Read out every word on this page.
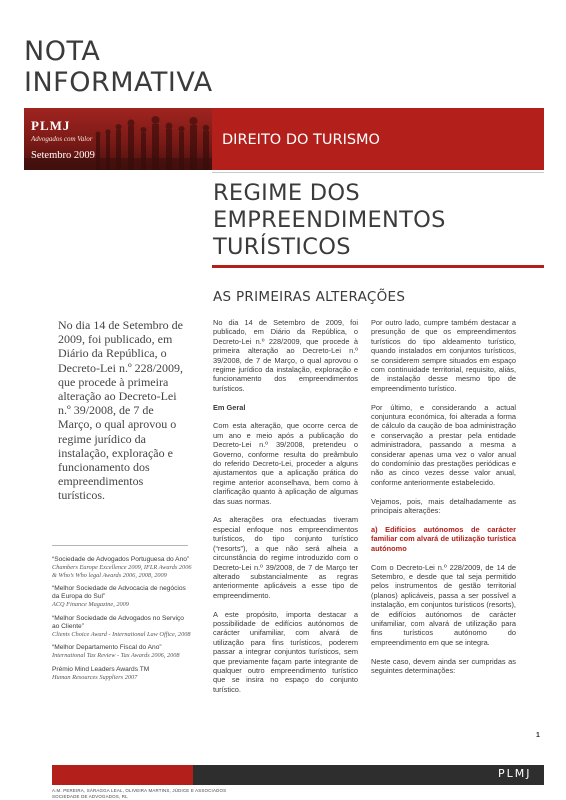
NOTA
INFORMATIVA
PLMJ
Advogados com Valor
Setembro 2009
DIREITO DO TURISMO
REGIME DOS
EMPREENDIMENTOS
TURÍSTICOS
AS PRIMEIRAS ALTERAÇÕES
No dia 14 de Setembro de 2009, foi publicado, em Diário da República, o Decreto-Lei n.º 228/2009, que procede à primeira alteração ao Decreto-Lei n.º 39/2008, de 7 de Março, o qual aprovou o regime jurídico da instalação, exploração e funcionamento dos empreendimentos turísticos.
“Sociedade de Advogados Portuguesa do Ano”
Chambers Europe Excellence 2009, IFLR Awards 2006 & Who’s Who legal Awards 2006, 2008, 2009
“Melhor Sociedade de Advocacia de negócios da Europa do Sul”
ACQ Finance Magazine, 2009
“Melhor Sociedade de Advogados no Serviço ao Cliente”
Clients Choice Award - International Law Office, 2008
“Melhor Departamento Fiscal do Ano”
International Tax Review - Tax Awards 2006, 2008
Prémio Mind Leaders Awards TM
Human Resources Suppliers 2007

No dia 14 de Setembro de 2009, foi publicado, em Diário da República, o Decreto-Lei n.º 228/2009, que procede à primeira alteração ao Decreto-Lei n.º 39/2008, de 7 de Março, o qual aprovou o regime jurídico da instalação, exploração e funcionamento dos empreendimentos turísticos.

Em Geral

Com esta alteração, que ocorre cerca de um ano e meio após a publicação do Decreto-Lei n.º 39/2008, pretendeu o Governo, conforme resulta do preâmbulo do referido Decreto-Lei, proceder a alguns ajustamentos que a aplicação prática do regime anterior aconselhava, bem como à clarificação quanto à aplicação de algumas das suas normas.

As alterações ora efectuadas tiveram especial enfoque nos empreendimentos turísticos, do tipo conjunto turístico (“resorts”), a que não será alheia a circunstância do regime introduzido com o Decreto-Lei n.º 39/2008, de 7 de Março ter alterado substancialmente as regras anteriormente aplicáveis a esse tipo de empreendimento.

A este propósito, importa destacar a possibilidade de edifícios autónomos de carácter unifamiliar, com alvará de utilização para fins turísticos, poderem passar a integrar conjuntos turísticos, sem que previamente façam parte integrante de qualquer outro empreendimento turístico que se insira no espaço do conjunto turístico.

Por outro lado, cumpre também destacar a presunção de que os empreendimentos turísticos do tipo aldeamento turístico, quando instalados em conjuntos turísticos, se considerem sempre situados em espaço com continuidade territorial, requisito, aliás, de instalação desse mesmo tipo de empreendimento turístico.

Por último, e considerando a actual conjuntura económica, foi alterada a forma de cálculo da caução de boa administração e conservação a prestar pela entidade administradora, passando a mesma a considerar apenas uma vez o valor anual do condomínio das prestações periódicas e não as cinco vezes desse valor anual, conforme anteriormente estabelecido.

Vejamos, pois, mais detalhadamente as principais alterações:

a) Edifícios autónomos de carácter familiar com alvará de utilização turística autónomo

Com o Decreto-Lei n.º 228/2009, de 14 de Setembro, e desde que tal seja permitido pelos instrumentos de gestão territorial (planos) aplicáveis, passa a ser possível a instalação, em conjuntos turísticos (resorts), de edifícios autónomos de carácter unifamiliar, com alvará de utilização para fins turísticos autónomo do empreendimento em que se integra.

Neste caso, devem ainda ser cumpridas as seguintes determinações:

1
PLMJ
A.M. PEREIRA, SÁRAGGA LEAL, OLIVEIRA MARTINS, JÚDICE E ASSOCIADOS
SOCIEDADE DE ADVOGADOS, RL
